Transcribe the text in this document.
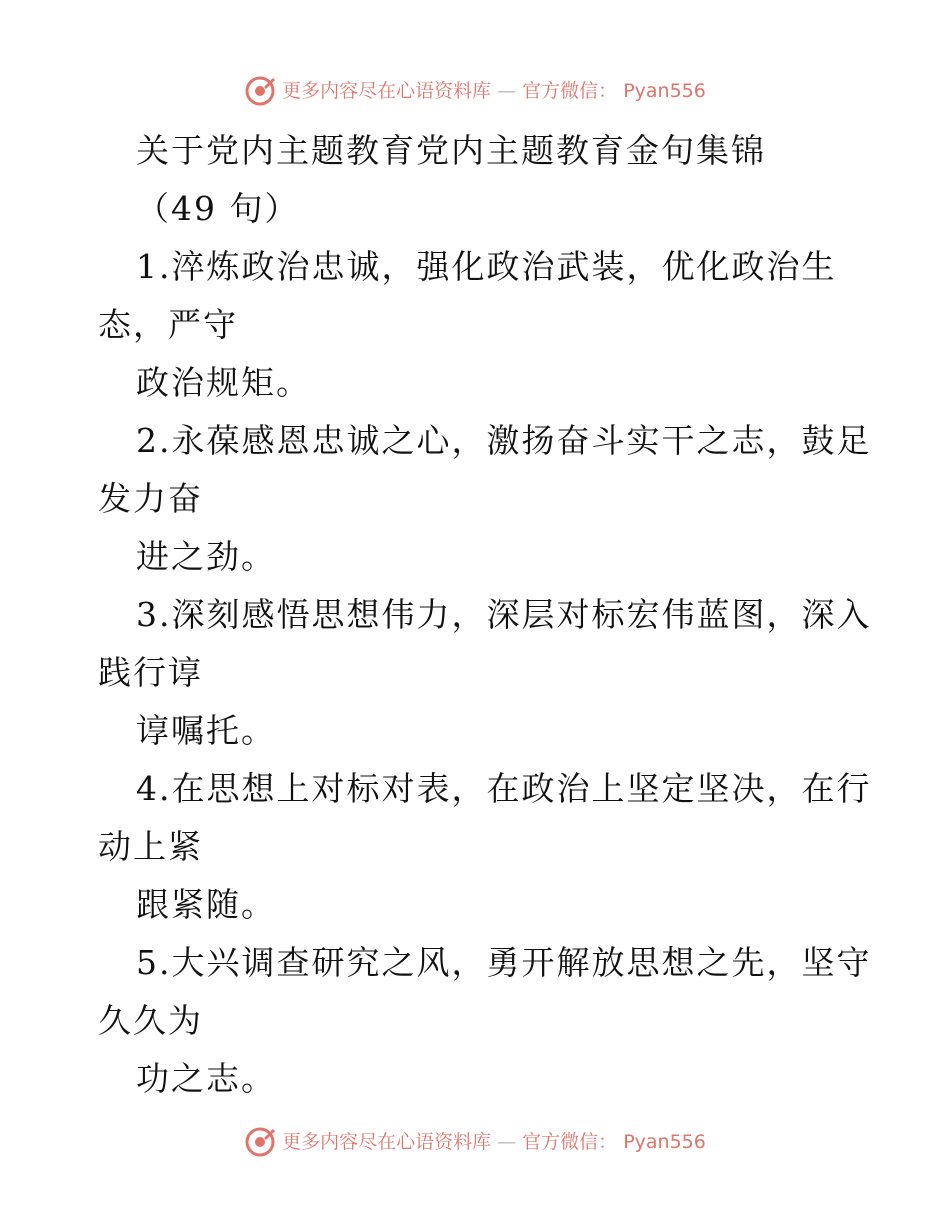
更多内容尽在心语资料库 — 官方微信： Pyan556
关于党内主题教育党内主题教育金句集锦
（49 句）
1.淬炼政治忠诚，强化政治武装，优化政治生
态，严守
政治规矩。
2.永葆感恩忠诚之心，激扬奋斗实干之志，鼓足
发力奋
进之劲。
3.深刻感悟思想伟力，深层对标宏伟蓝图，深入
践行谆
谆嘱托。
4.在思想上对标对表，在政治上坚定坚决，在行
动上紧
跟紧随。
5.大兴调查研究之风，勇开解放思想之先，坚守
久久为
功之志。
更多内容尽在心语资料库 — 官方微信： Pyan556
